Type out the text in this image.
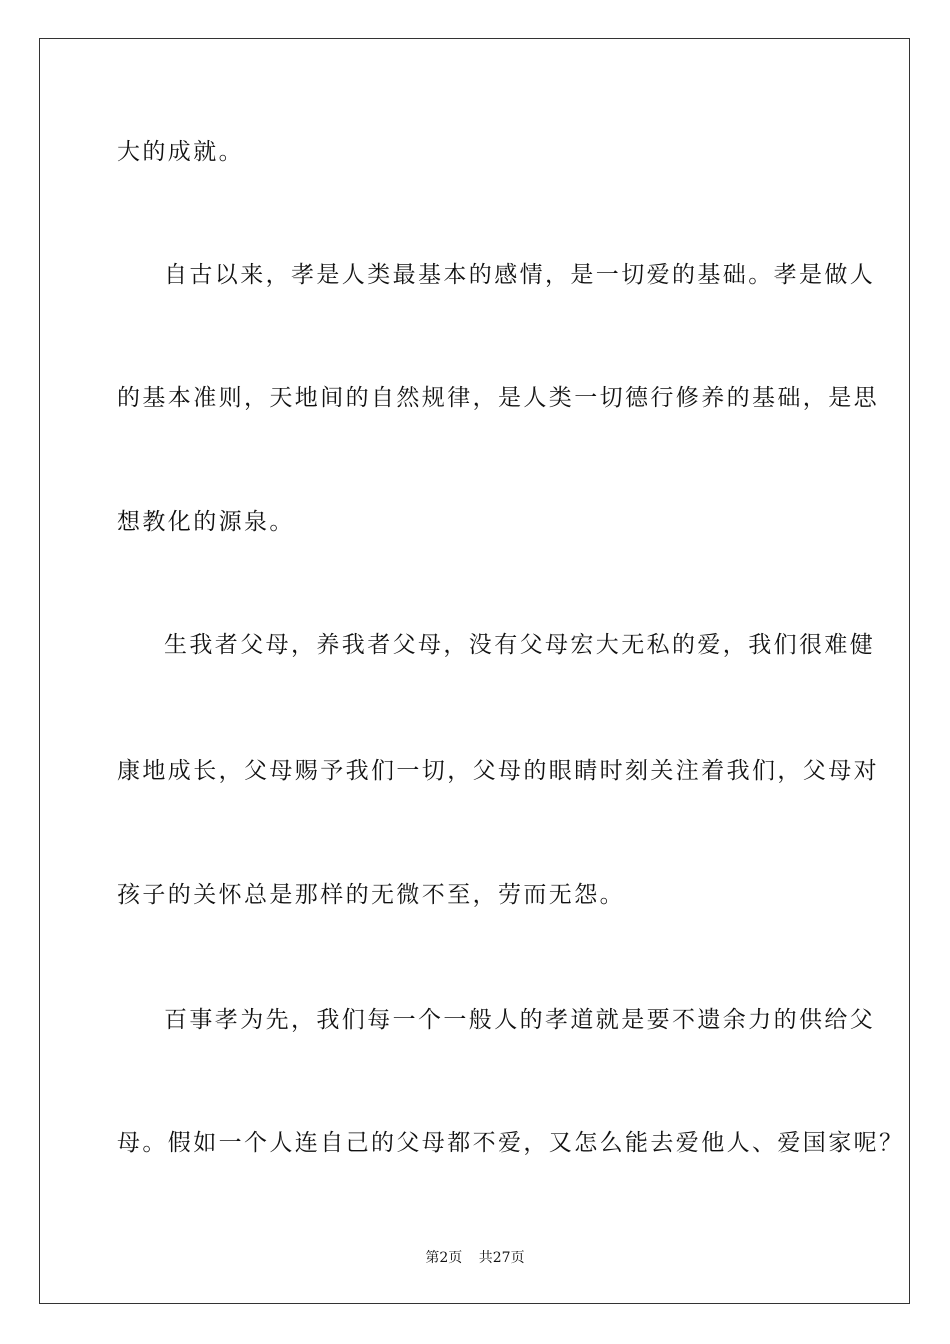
大的成就。
自古以来，孝是人类最基本的感情，是一切爱的基础。孝是做人
的基本准则，天地间的自然规律，是人类一切德行修养的基础，是思
想教化的源泉。
生我者父母，养我者父母，没有父母宏大无私的爱，我们很难健
康地成长，父母赐予我们一切，父母的眼睛时刻关注着我们，父母对
孩子的关怀总是那样的无微不至，劳而无怨。
百事孝为先，我们每一个一般人的孝道就是要不遗余力的供给父
母。假如一个人连自己的父母都不爱，又怎么能去爱他人、爱国家呢？
第2页 共27页
